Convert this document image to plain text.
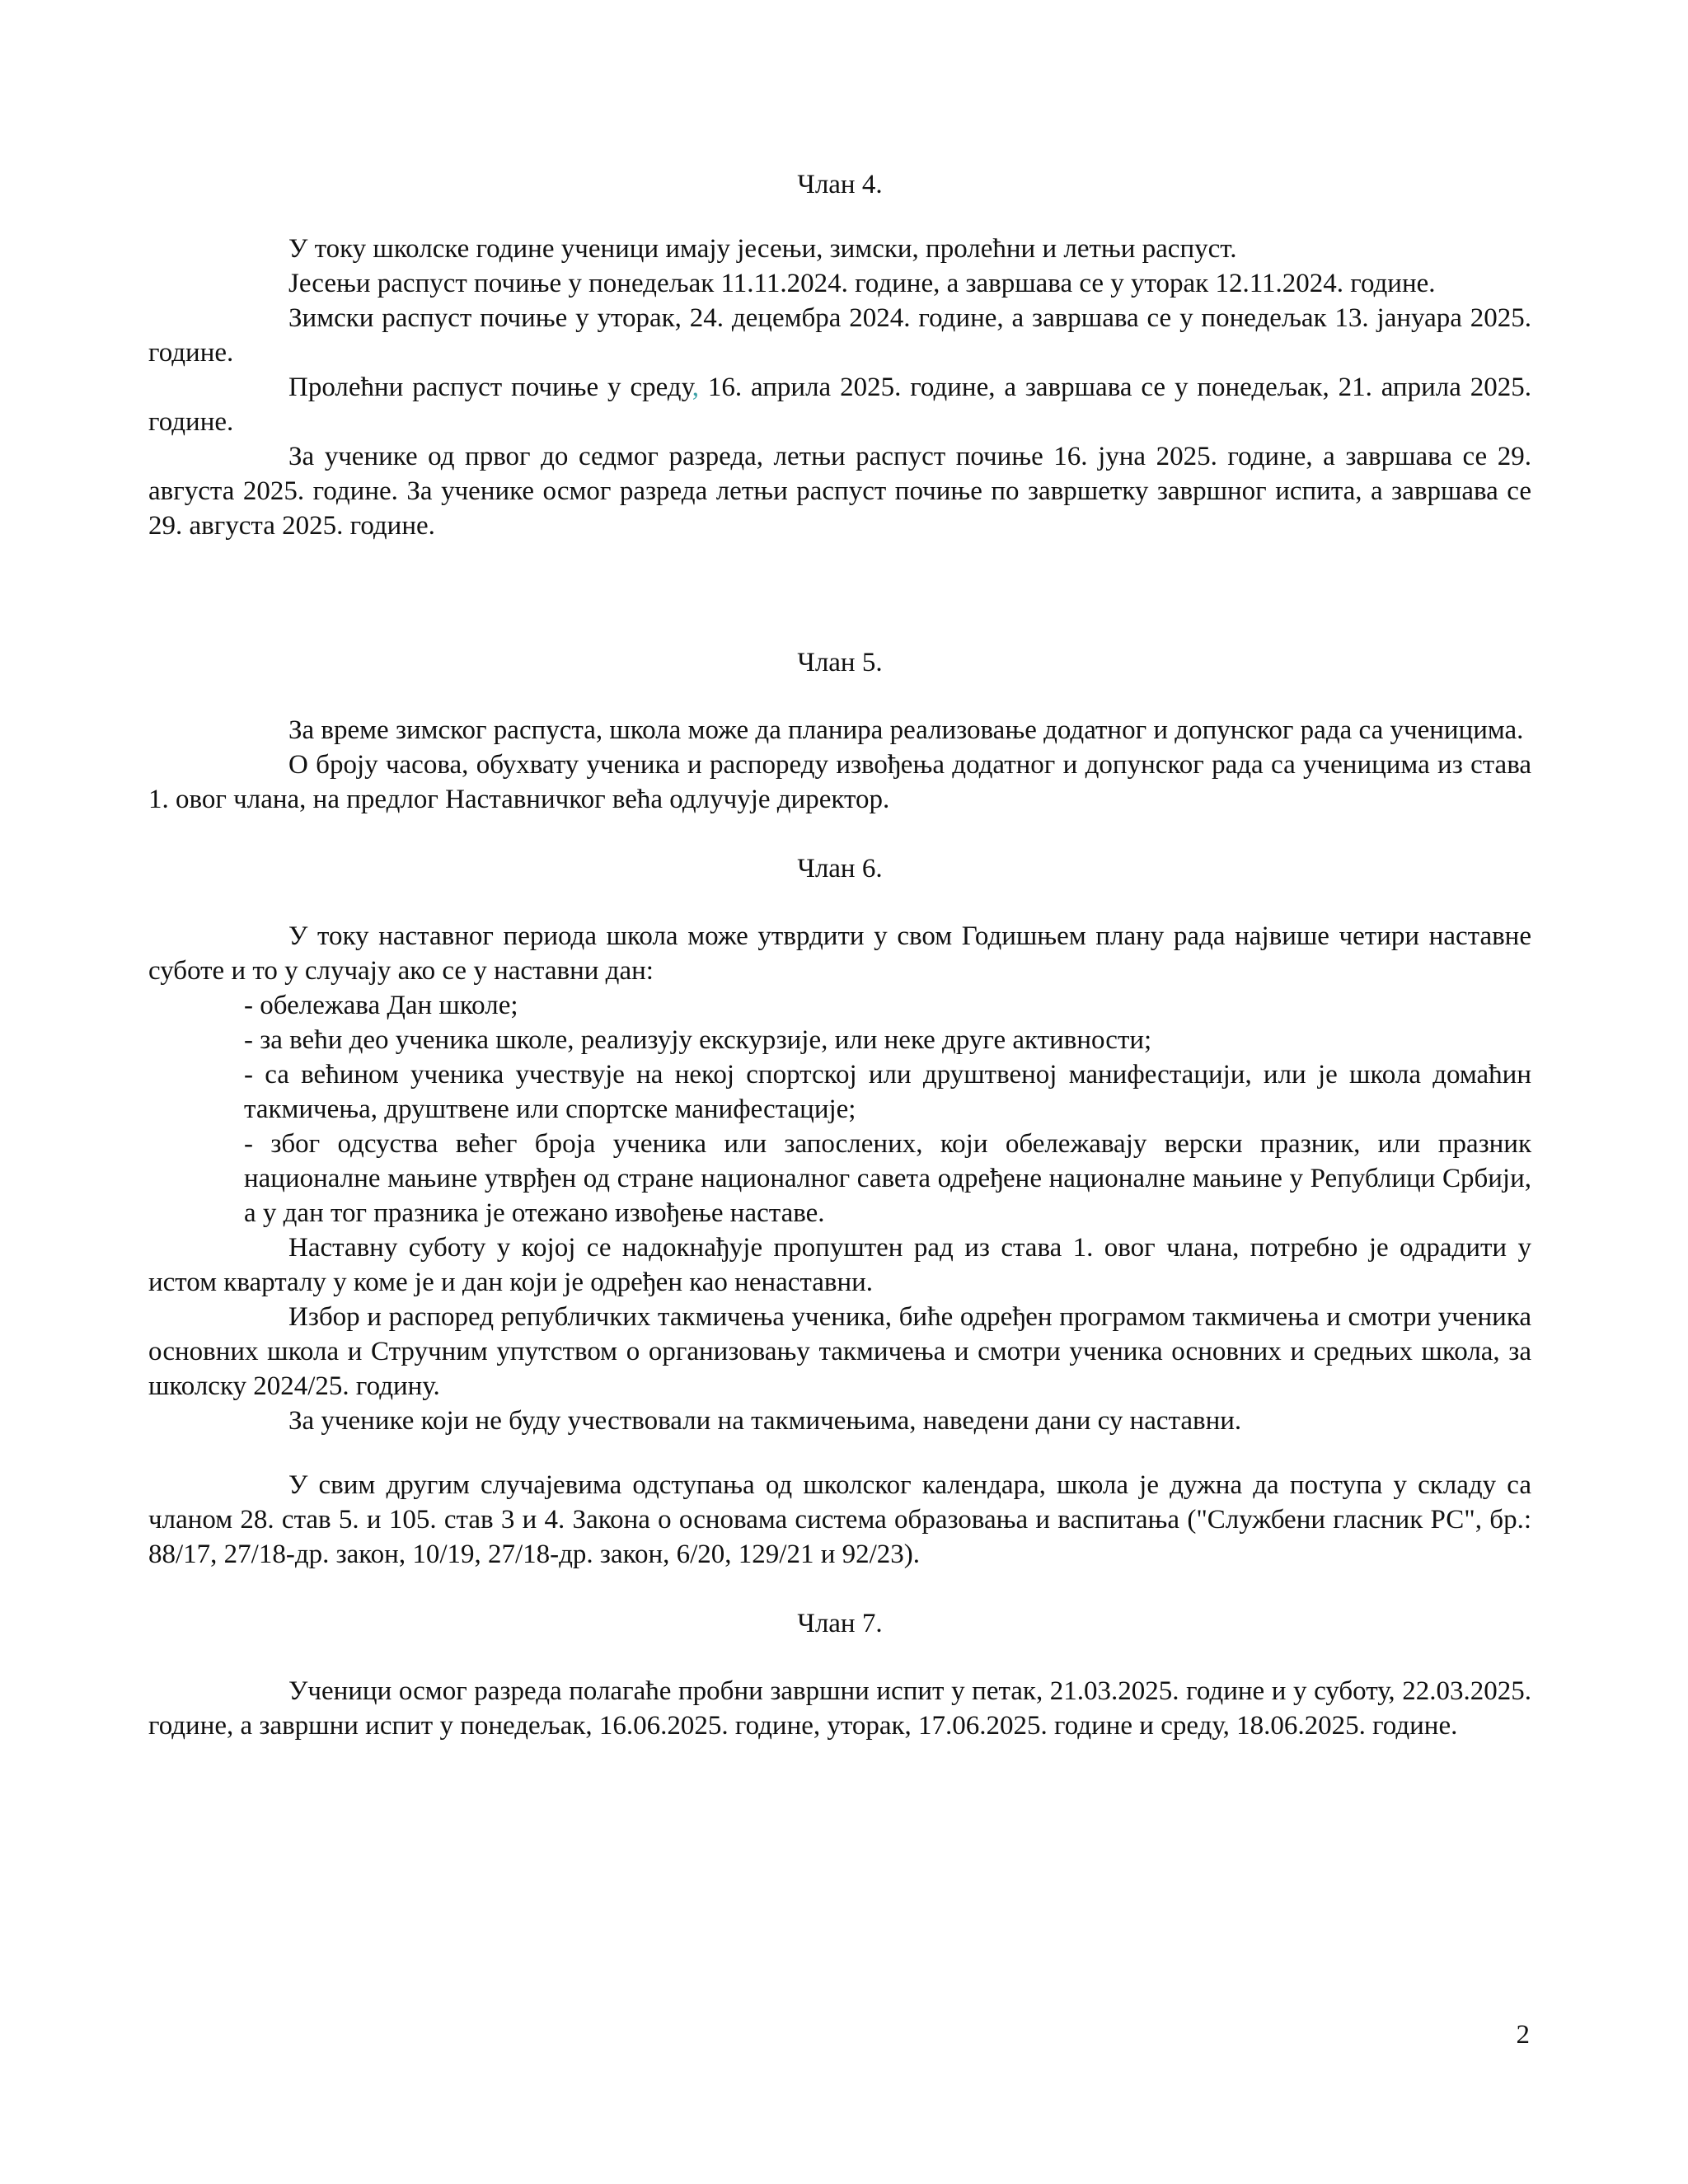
Члан 4.

У току школске године ученици имају јесењи, зимски, пролећни и летњи распуст.

Јесењи распуст почиње у понедељак 11.11.2024. године, а завршава се у уторак 12.11.2024. године.

Зимски распуст почиње у уторак, 24. децембра 2024. године, а завршава се у понедељак 13. јануара 2025. године.

Пролећни распуст почиње у среду, 16. априла 2025. године, а завршава се у понедељак, 21. априла 2025. године.

За ученике од првог до седмог разреда, летњи распуст почиње 16. јуна 2025. године, а завршава се 29. августа 2025. године. За ученике осмог разреда летњи распуст почиње по завршетку завршног испита, а завршава се 29. августа 2025. године.

Члан 5.

За време зимског распуста, школа може да планира реализовање додатног и допунског рада са ученицима.

О броју часова, обухвату ученика и распореду извођења додатног и допунског рада са ученицима из става 1. овог члана, на предлог Наставничког већа одлучује директор.

Члан 6.

У току наставног периода школа може утврдити у свом Годишњем плану рада највише четири наставне суботе и то у случају ако се у наставни дан:

- обележава Дан школе;

- за већи део ученика школе, реализују екскурзије, или неке друге активности;

- са већином ученика учествује на некој спортској или друштвеној манифестацији, или је школа домаћин такмичења, друштвене или спортске манифестације;

- због одсуства већег броја ученика или запослених, који обележавају верски празник, или празник националне мањине утврђен од стране националног савета одређене националне мањине у Републици Србији, а у дан тог празника је отежано извођење наставе.

Наставну суботу у којој се надокнађује пропуштен рад из става 1. овог члана, потребно је одрадити у истом кварталу у коме је и дан који је одређен као ненаставни.

Избор и распоред републичких такмичења ученика, биће одређен програмом такмичења и смотри ученика основних школа и Стручним упутством о организовању такмичења и смотри ученика основних и средњих школа, за школску 2024/25. годину.

За ученике који не буду учествовали на такмичењима, наведени дани су наставни.

У свим другим случајевима одступања од школског календара, школа је дужна да поступа у складу са чланом 28. став 5. и 105. став 3 и 4. Закона о основама система образовања и васпитања ("Службени гласник РС", бр.: 88/17, 27/18-др. закон, 10/19, 27/18-др. закон, 6/20, 129/21 и 92/23).

Члан 7.

Ученици осмог разреда полагаће пробни завршни испит у петак, 21.03.2025. године и у суботу, 22.03.2025. године, а завршни испит у понедељак, 16.06.2025. године, уторак, 17.06.2025. године и среду, 18.06.2025. године.

2
